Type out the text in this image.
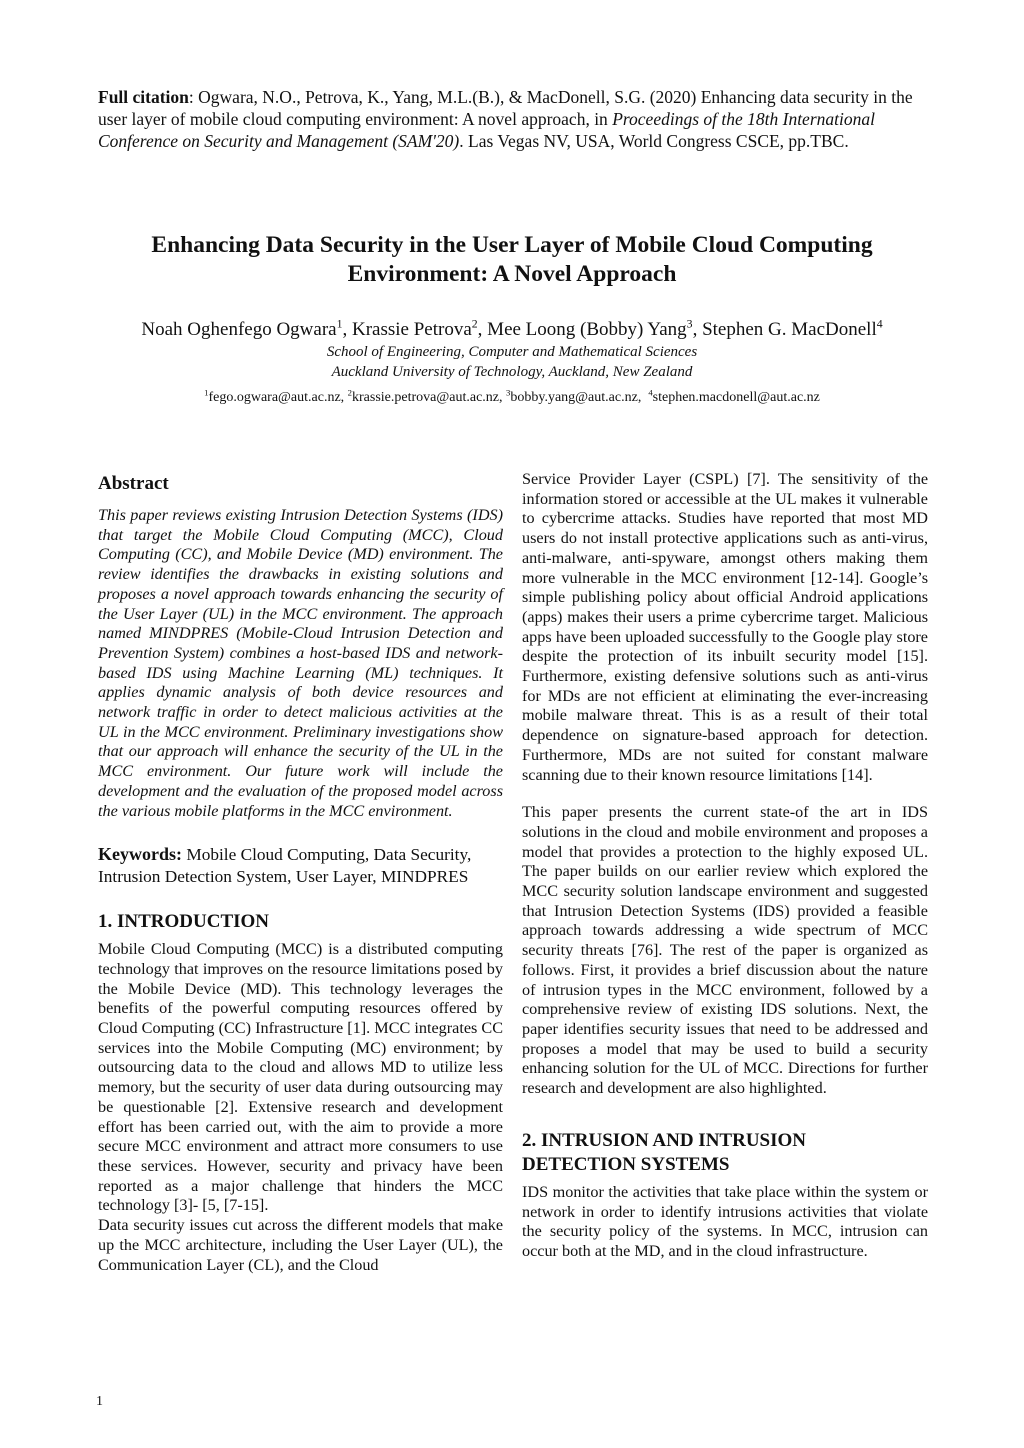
Full citation: Ogwara, N.O., Petrova, K., Yang, M.L.(B.), & MacDonell, S.G. (2020) Enhancing data security in the user layer of mobile cloud computing environment: A novel approach, in Proceedings of the 18th International Conference on Security and Management (SAM'20). Las Vegas NV, USA, World Congress CSCE, pp.TBC.
Enhancing Data Security in the User Layer of Mobile Cloud Computing Environment: A Novel Approach
Noah Oghenfego Ogwara$^1$, Krassie Petrova$^2$, Mee Loong (Bobby) Yang$^3$, Stephen G. MacDonell$^4$
School of Engineering, Computer and Mathematical Sciences
Auckland University of Technology, Auckland, New Zealand
$^1$fego.ogwara@aut.ac.nz, $^2$krassie.petrova@aut.ac.nz, $^3$bobby.yang@aut.ac.nz,  $^4$stephen.macdonell@aut.ac.nz
Abstract

This paper reviews existing Intrusion Detection Systems (IDS) that target the Mobile Cloud Computing (MCC), Cloud Computing (CC), and Mobile Device (MD) environment. The review identifies the drawbacks in existing solutions and proposes a novel approach towards enhancing the security of the User Layer (UL) in the MCC environment. The approach named MINDPRES (Mobile-Cloud Intrusion Detection and Prevention System) combines a host-based IDS and network-based IDS using Machine Learning (ML) techniques. It applies dynamic analysis of both device resources and network traffic in order to detect malicious activities at the UL in the MCC environment. Preliminary investigations show that our approach will enhance the security of the UL in the MCC environment. Our future work will include the development and the evaluation of the proposed model across the various mobile platforms in the MCC environment.

Keywords: Mobile Cloud Computing, Data Security, Intrusion Detection System, User Layer, MINDPRES
1. INTRODUCTION

Mobile Cloud Computing (MCC) is a distributed computing technology that improves on the resource limitations posed by the Mobile Device (MD). This technology leverages the benefits of the powerful computing resources offered by Cloud Computing (CC) Infrastructure [1]. MCC integrates CC services into the Mobile Computing (MC) environment; by outsourcing data to the cloud and allows MD to utilize less memory, but the security of user data during outsourcing may be questionable [2]. Extensive research and development effort has been carried out, with the aim to provide a more secure MCC environment and attract more consumers to use these services. However, security and privacy have been reported as a major challenge that hinders the MCC technology [3]- [5, [7-15].

Data security issues cut across the different models that make up the MCC architecture, including the User Layer (UL), the Communication Layer (CL), and the Cloud

Service Provider Layer (CSPL) [7]. The sensitivity of the information stored or accessible at the UL makes it vulnerable to cybercrime attacks. Studies have reported that most MD users do not install protective applications such as anti-virus, anti-malware, anti-spyware, amongst others making them more vulnerable in the MCC environment [12-14]. Google’s simple publishing policy about official Android applications (apps) makes their users a prime cybercrime target. Malicious apps have been uploaded successfully to the Google play store despite the protection of its inbuilt security model [15]. Furthermore, existing defensive solutions such as anti-virus for MDs are not efficient at eliminating the ever-increasing mobile malware threat. This is as a result of their total dependence on signature-based approach for detection. Furthermore, MDs are not suited for constant malware scanning due to their known resource limitations [14].

This paper presents the current state-of the art in IDS solutions in the cloud and mobile environment and proposes a model that provides a protection to the highly exposed UL. The paper builds on our earlier review which explored the MCC security solution landscape environment and suggested that Intrusion Detection Systems (IDS) provided a feasible approach towards addressing a wide spectrum of MCC security threats [76]. The rest of the paper is organized as follows. First, it provides a brief discussion about the nature of intrusion types in the MCC environment, followed by a comprehensive review of existing IDS solutions. Next, the paper identifies security issues that need to be addressed and proposes a model that may be used to build a security enhancing solution for the UL of MCC. Directions for further research and development are also highlighted.

2. INTRUSION AND INTRUSION
DETECTION SYSTEMS

IDS monitor the activities that take place within the system or network in order to identify intrusions activities that violate the security policy of the systems. In MCC, intrusion can occur both at the MD, and in the cloud infrastructure.

1
